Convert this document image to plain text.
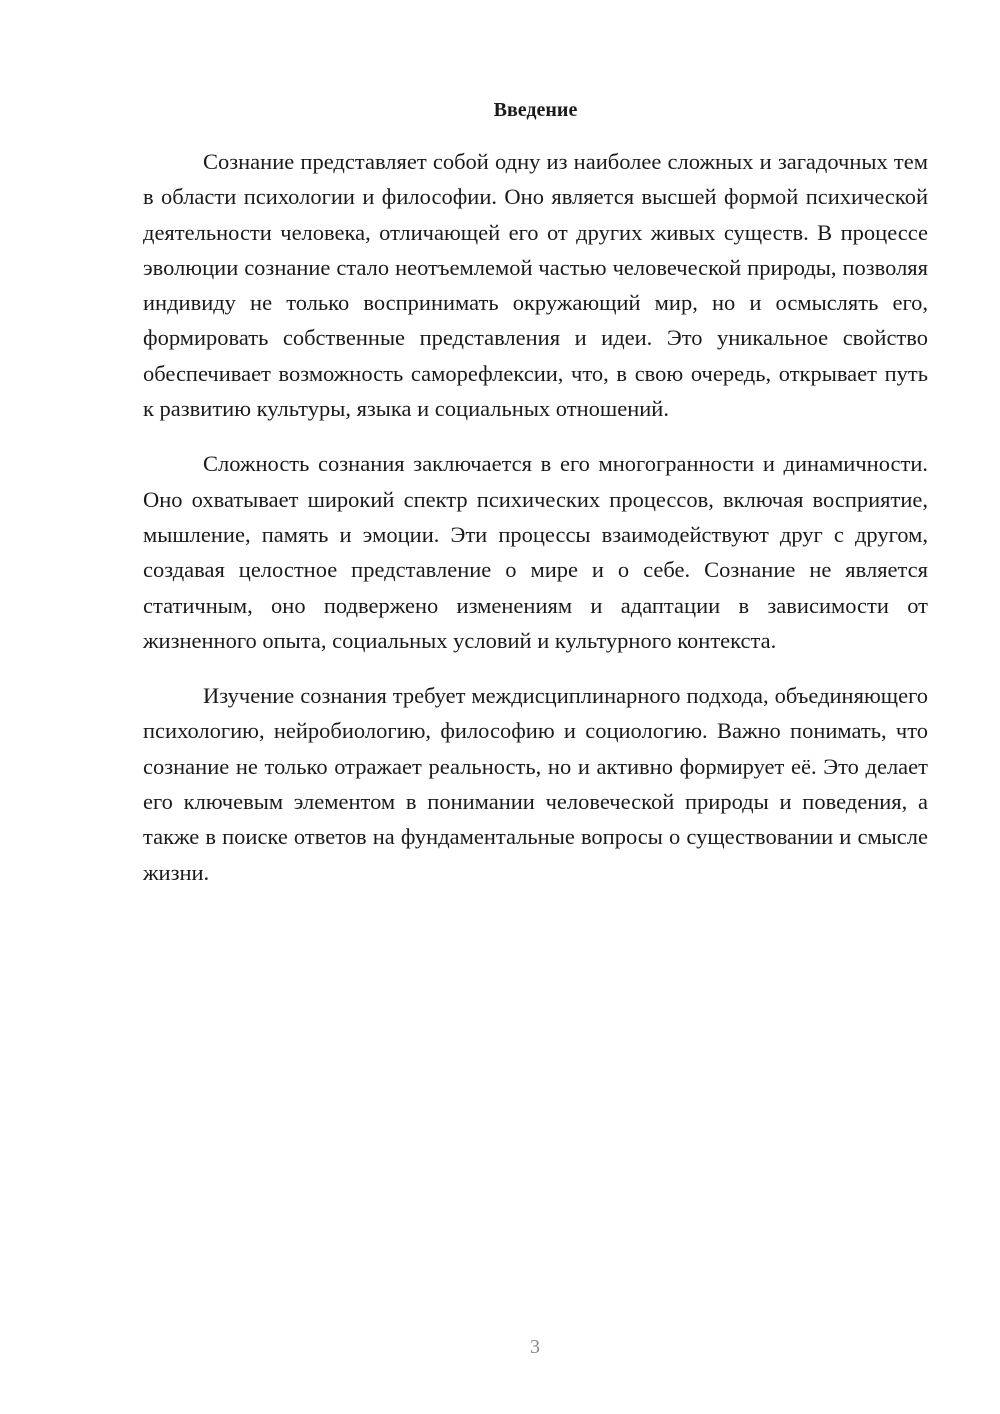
Введение

Сознание представляет собой одну из наиболее сложных и загадочных тем в области психологии и философии. Оно является высшей формой психической деятельности человека, отличающей его от других живых существ. В процессе эволюции сознание стало неотъемлемой частью человеческой природы, позволяя индивиду не только воспринимать окружающий мир, но и осмыслять его, формировать собственные представления и идеи. Это уникальное свойство обеспечивает возможность саморефлексии, что, в свою очередь, открывает путь к развитию культуры, языка и социальных отношений.

Сложность сознания заключается в его многогранности и динамичности. Оно охватывает широкий спектр психических процессов, включая восприятие, мышление, память и эмоции. Эти процессы взаимодействуют друг с другом, создавая целостное представление о мире и о себе. Сознание не является статичным, оно подвержено изменениям и адаптации в зависимости от жизненного опыта, социальных условий и культурного контекста.

Изучение сознания требует междисциплинарного подхода, объединяющего психологию, нейробиологию, философию и социологию. Важно понимать, что сознание не только отражает реальность, но и активно формирует её. Это делает его ключевым элементом в понимании человеческой природы и поведения, а также в поиске ответов на фундаментальные вопросы о существовании и смысле жизни.

3
